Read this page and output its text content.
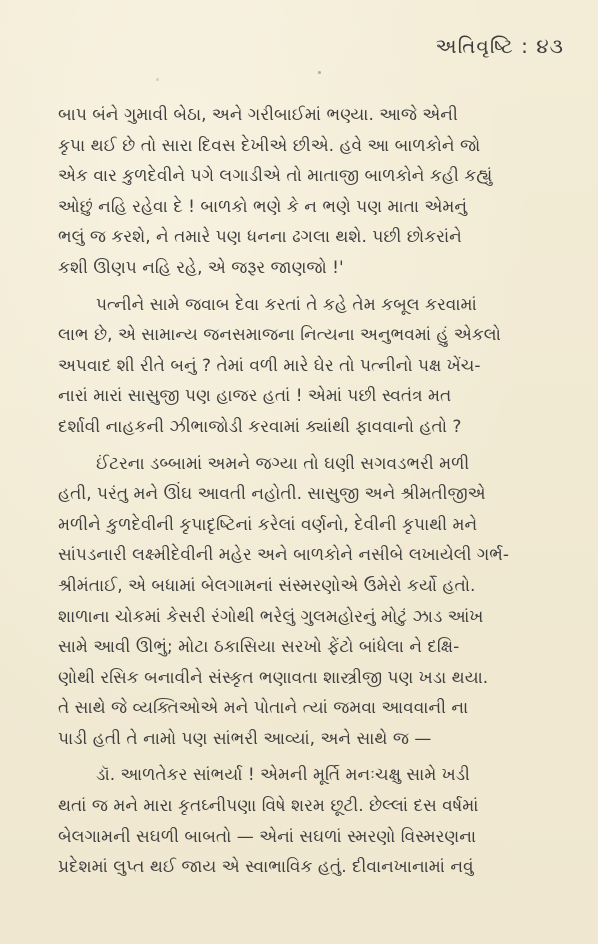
અતિવૃષ્ટિ : ૪૩
બાપ બંને ગુમાવી બેઠા, અને ગરીબાઈમાં ભણ્યા. આજે એની
કૃપા થઈ છે તો સારા દિવસ દેખીએ છીએ. હવે આ બાળકોને જો
એક વાર કુળદેવીને પગે લગાડીએ તો માતાજી બાળકોને કહી કહ્યું
ઓછું નહિ રહેવા દે ! બાળકો ભણે કે ન ભણે પણ માતા એમનું
ભલું જ કરશે, ને તમારે પણ ધનના ઢગલા થશે. પછી છોકરાંને
કશી ઊણપ નહિ રહે, એ જરૂર જાણજો !'
પત્નીને સામે જવાબ દેવા કરતાં તે કહે તેમ કબૂલ કરવામાં
લાભ છે, એ સામાન્ય જનસમાજના નિત્યના અનુભવમાં હું એકલો
અપવાદ શી રીતે બનું ? તેમાં વળી મારે ઘેર તો પત્નીનો પક્ષ ખેંચ-
નારાં મારાં સાસુજી પણ હાજર હતાં ! એમાં પછી સ્વતંત્ર મત
દર્શાવી નાહકની ઝીભાજોડી કરવામાં ક્યાંથી ફાવવાનો હતો ?
ઈંટરના ડબ્બામાં અમને જગ્યા તો ઘણી સગવડભરી મળી
હતી, પરંતુ મને ઊંઘ આવતી નહોતી. સાસુજી અને શ્રીમતીજીએ
મળીને કુળદેવીની કૃપાદૃષ્ટિનાં કરેલાં વર્ણનો, દેવીની કૃપાથી મને
સાંપડનારી લક્ષ્મીદેવીની મહેર અને બાળકોને નસીબે લખાયેલી ગર્ભ-
શ્રીમંતાઈ, એ બધામાં બેલગામનાં સંસ્મરણોએ ઉમેરો કર્યો હતો.
શાળાના ચોકમાં કેસરી રંગોથી ભરેલું ગુલમહોરનું મોટું ઝાડ આંખ
સામે આવી ઊભું; મોટા ઠકાસિયા સરખો ફેંટો બાંધેલા ને દક્ષિ-
ણોથી રસિક બનાવીને સંસ્કૃત ભણાવતા શાસ્ત્રીજી પણ ખડા થયા.
તે સાથે જે વ્યક્તિઓએ મને પોતાને ત્યાં જમવા આવવાની ના
પાડી હતી તે નામો પણ સાંભરી આવ્યાં, અને સાથે જ —
ડૉ. આળતેકર સાંભર્યા ! એમની મૂર્તિ મનઃચક્ષુ સામે ખડી
થતાં જ મને મારા કૃતઘ્નીપણા વિષે શરમ છૂટી. છેલ્લાં દસ વર્ષમાં
બેલગામની સઘળી બાબતો — એનાં સઘળાં સ્મરણો વિસ્મરણના
પ્રદેશમાં લુપ્ત થઈ જાય એ સ્વાભાવિક હતું. દીવાનખાનામાં નવું
